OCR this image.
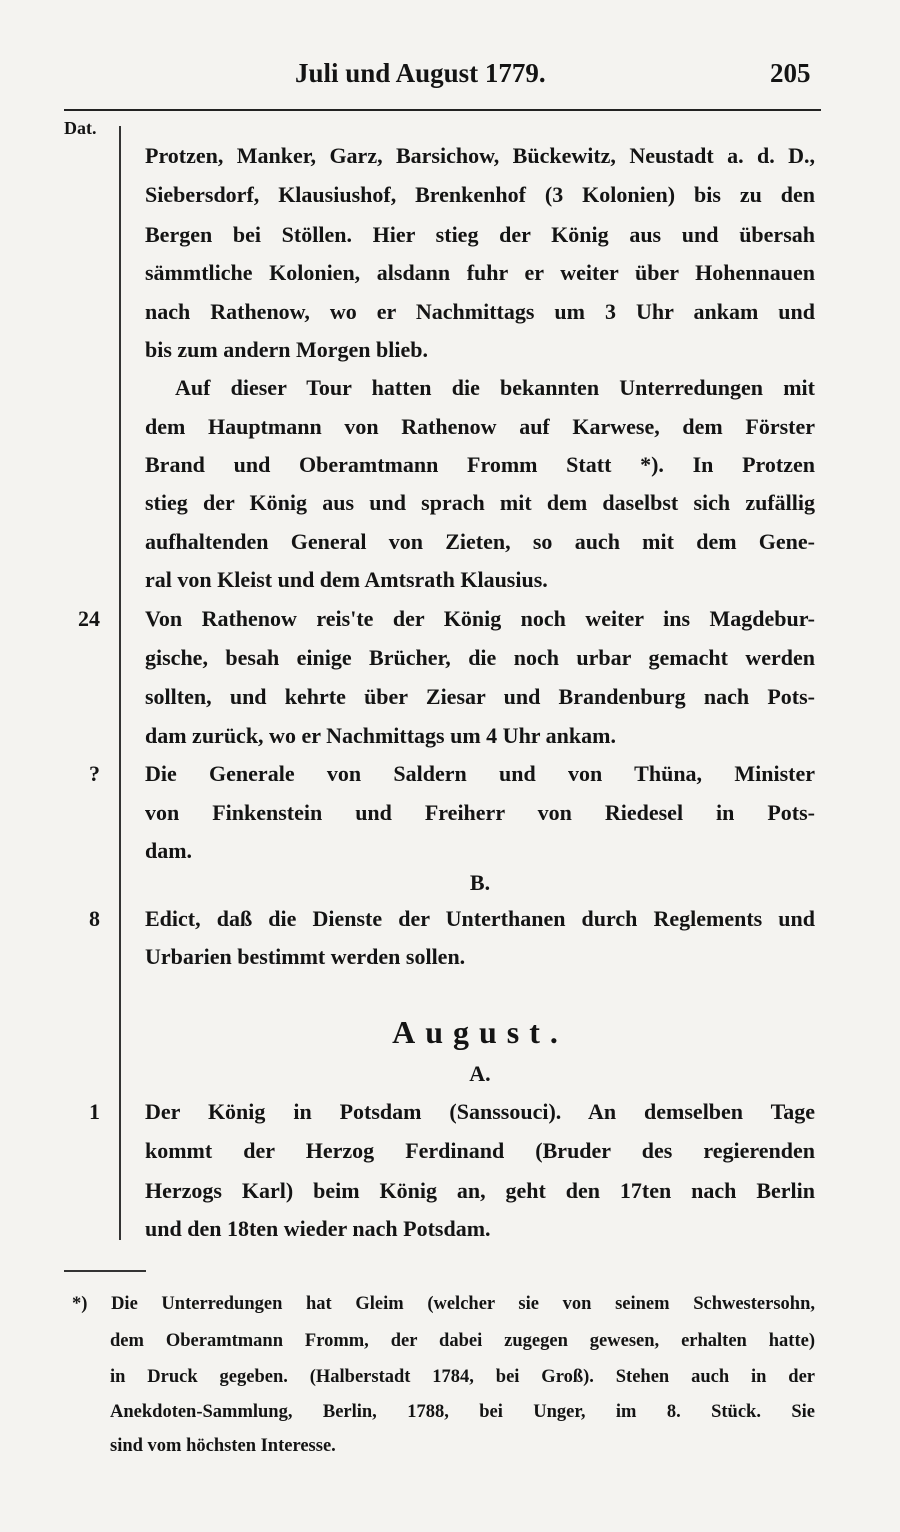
Juli und August 1779.	205
Dat.
Protzen, Manker, Garz, Barsichow, Bückewitz, Neustadt a. d. D.,
Siebersdorf, Klausiushof, Brenkenhof (3 Kolonien) bis zu den
Bergen bei Stöllen. Hier stieg der König aus und übersah
sämmtliche Kolonien, alsdann fuhr er weiter über Hohennauen
nach Rathenow, wo er Nachmittags um 3 Uhr ankam und
bis zum andern Morgen blieb.
Auf dieser Tour hatten die bekannten Unterredungen mit
dem Hauptmann von Rathenow auf Karwese, dem Förster
Brand und Oberamtmann Fromm Statt *). In Protzen
stieg der König aus und sprach mit dem daselbst sich zufällig
aufhaltenden General von Zieten, so auch mit dem Gene-
ral von Kleist und dem Amtsrath Klausius.
Von Rathenow reis'te der König noch weiter ins Magdebur-
24
gische, besah einige Brücher, die noch urbar gemacht werden
sollten, und kehrte über Ziesar und Brandenburg nach Pots-
dam zurück, wo er Nachmittags um 4 Uhr ankam.
Die Generale von Saldern und von Thüna, Minister
?
von Finkenstein und Freiherr von Riedesel in Pots-
dam.
B.
Edict, daß die Dienste der Unterthanen durch Reglements und
8
Urbarien bestimmt werden sollen.
August.
A.
Der König in Potsdam (Sanssouci). An demselben Tage
1
kommt der Herzog Ferdinand (Bruder des regierenden
Herzogs Karl) beim König an, geht den 17ten nach Berlin
und den 18ten wieder nach Potsdam.
*) Die Unterredungen hat Gleim (welcher sie von seinem Schwestersohn,
dem Oberamtmann Fromm, der dabei zugegen gewesen, erhalten hatte)
in Druck gegeben. (Halberstadt 1784, bei Groß). Stehen auch in der
Anekdoten-Sammlung, Berlin, 1788, bei Unger, im 8. Stück. Sie
sind vom höchsten Interesse.
